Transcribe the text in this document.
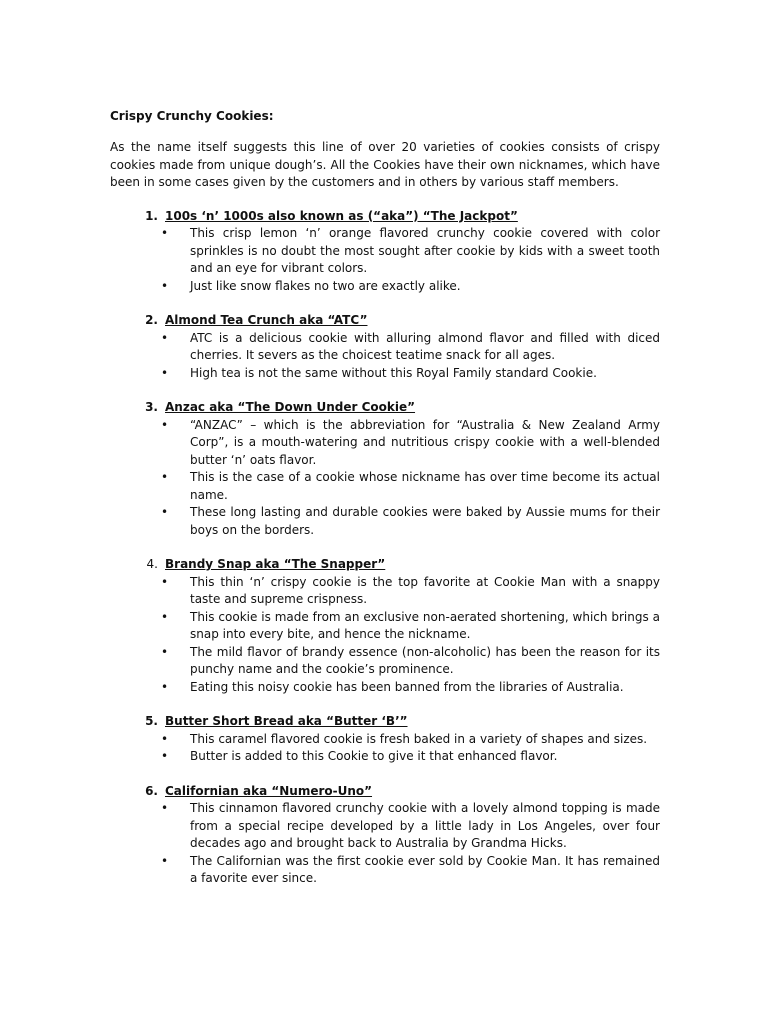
Crispy Crunchy Cookies:

As the name itself suggests this line of over 20 varieties of cookies consists of crispy cookies made from unique dough’s. All the Cookies have their own nicknames, which have been in some cases given by the customers and in others by various staff members.

1. 100s ‘n’ 1000s also known as (“aka”) “The Jackpot”
•	This crisp lemon ‘n’ orange flavored crunchy cookie covered with color sprinkles is no doubt the most sought after cookie by kids with a sweet tooth and an eye for vibrant colors.
•	Just like snow flakes no two are exactly alike.
2. Almond Tea Crunch aka “ATC”
•	ATC is a delicious cookie with alluring almond flavor and filled with diced cherries. It severs as the choicest teatime snack for all ages.
•	High tea is not the same without this Royal Family standard Cookie.
3. Anzac aka “The Down Under Cookie”
•	“ANZAC” – which is the abbreviation for “Australia & New Zealand Army Corp”, is a mouth-watering and nutritious crispy cookie with a well-blended butter ‘n’ oats flavor.
•	This is the case of a cookie whose nickname has over time become its actual name.
•	These long lasting and durable cookies were baked by Aussie mums for their boys on the borders.
4. Brandy Snap aka “The Snapper”
•	This thin ‘n’ crispy cookie is the top favorite at Cookie Man with a snappy taste and supreme crispness.
•	This cookie is made from an exclusive non-aerated shortening, which brings a snap into every bite, and hence the nickname.
•	The mild flavor of brandy essence (non-alcoholic) has been the reason for its punchy name and the cookie’s prominence.
•	Eating this noisy cookie has been banned from the libraries of Australia.
5. Butter Short Bread aka “Butter ‘B’”
•	This caramel flavored cookie is fresh baked in a variety of shapes and sizes.
•	Butter is added to this Cookie to give it that enhanced flavor.
6. Californian aka “Numero-Uno”
•	This cinnamon flavored crunchy cookie with a lovely almond topping is made from a special recipe developed by a little lady in Los Angeles, over four decades ago and brought back to Australia by Grandma Hicks.
•	The Californian was the first cookie ever sold by Cookie Man. It has remained a favorite ever since.
